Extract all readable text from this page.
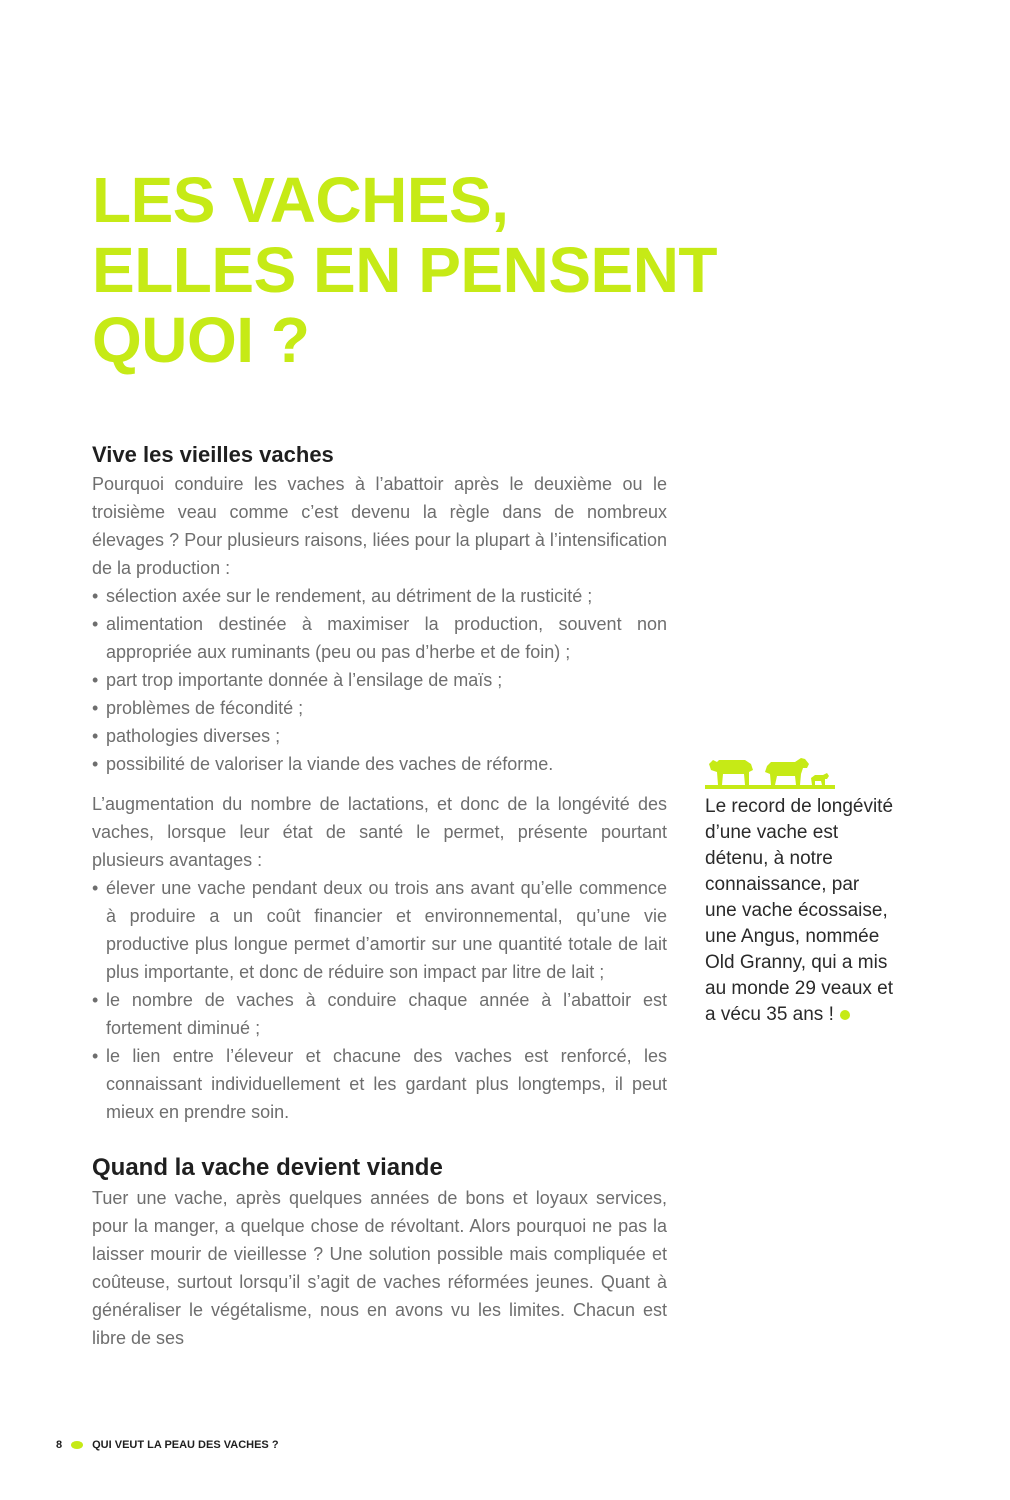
LES VACHES,
ELLES EN PENSENT
QUOI ?
Vive les vieilles vaches

Pourquoi conduire les vaches à l’abattoir après le deuxième ou le troisième veau comme c’est devenu la règle dans de nombreux élevages ? Pour plusieurs raisons, liées pour la plupart à l’intensification de la production :

• sélection axée sur le rendement, au détriment de la rusticité ;
• alimentation destinée à maximiser la production, souvent non appropriée aux ruminants (peu ou pas d’herbe et de foin) ;
• part trop importante donnée à l’ensilage de maïs ;
• problèmes de fécondité ;
• pathologies diverses ;
• possibilité de valoriser la viande des vaches de réforme.

L’augmentation du nombre de lactations, et donc de la longévité des vaches, lorsque leur état de santé le permet, présente pourtant plusieurs avantages :

• élever une vache pendant deux ou trois ans avant qu’elle commence à produire a un coût financier et environnemental, qu’une vie productive plus longue permet d’amortir sur une quantité totale de lait plus importante, et donc de réduire son impact par litre de lait ;
• le nombre de vaches à conduire chaque année à l’abattoir est fortement diminué ;
• le lien entre l’éleveur et chacune des vaches est renforcé, les connaissant individuellement et les gardant plus longtemps, il peut mieux en prendre soin.
Quand la vache devient viande

Tuer une vache, après quelques années de bons et loyaux services, pour la manger, a quelque chose de révoltant. Alors pourquoi ne pas la laisser mourir de vieillesse ? Une solution possible mais compliquée et coûteuse, surtout lorsqu’il s’agit de vaches réformées jeunes. Quant à généraliser le végétalisme, nous en avons vu les limites. Chacun est libre de ses

Le record de longévité d’une vache est détenu, à notre connaissance, par une vache écossaise, une Angus, nommée Old Granny, qui a mis au monde 29 veaux et a vécu 35 ans !

8	QUI VEUT LA PEAU DES VACHES ?
